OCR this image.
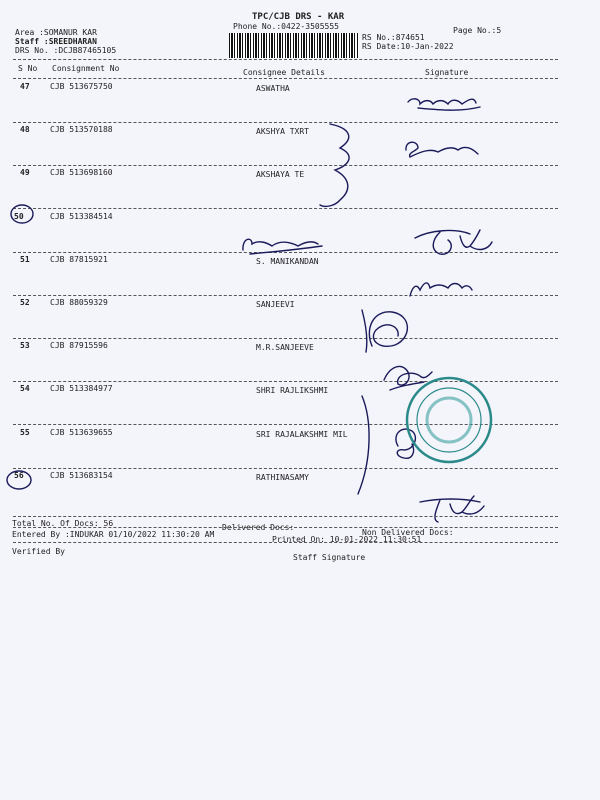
TPC/CJB DRS - KAR
Phone No.:0422-3505555	Page No.:5
Area :SOMANUR KAR
Staff :SREEDHARAN
DRS No. :DCJB87465105
RS No.:874651
RS Date:10-Jan-2022
S No Consignment No	Consignee Details	Signature
47	CJB 513675750	ASWATHA
48	CJB 513570188	AKSHYA TXRT
49	CJB 513698160	AKSHAYA TE
50	CJB 513384514
51	CJB 87815921	S. MANIKANDAN
52	CJB 88059329	SANJEEVI
53	CJB 87915596	M.R.SANJEEVE
54	CJB 513384977	SHRI RAJLIKSHMI
55	CJB 513639655	SRI RAJALAKSHMI MIL
56	CJB 513683154	RATHINASAMY
Total No. Of Docs: 56	Delivered Docs:
Non Delivered Docs:
Entered By :INDUKAR 01/10/2022 11:30:20 AM
Printed On: 10-01-2022 11:30:51
Verified By
Staff Signature
